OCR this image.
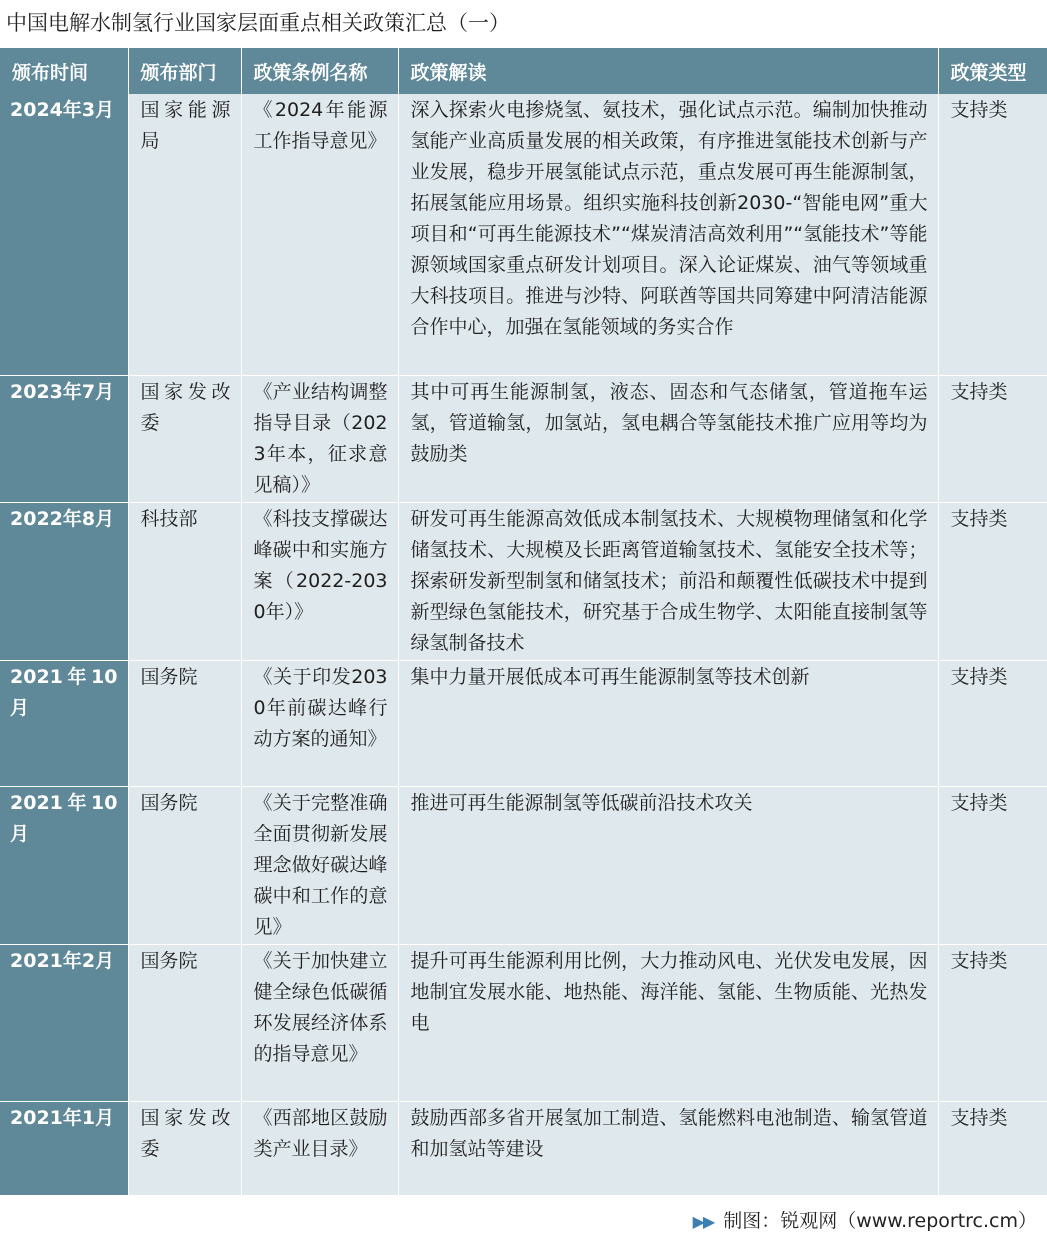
中国电解水制氢行业国家层面重点相关政策汇总（一）
颁布时间	颁布部门	政策条例名称	政策解读	政策类型
2024年3月	国家能源局	《2024年能源工作指导意见》	深入探索火电掺烧氢、氨技术，强化试点示范。编制加快推动氢能产业高质量发展的相关政策，有序推进氢能技术创新与产业发展，稳步开展氢能试点示范，重点发展可再生能源制氢，拓展氢能应用场景。组织实施科技创新2030-“智能电网”重大项目和“可再生能源技术”“煤炭清洁高效利用”“氢能技术”等能源领域国家重点研发计划项目。深入论证煤炭、油气等领域重大科技项目。推进与沙特、阿联酋等国共同筹建中阿清洁能源合作中心，加强在氢能领域的务实合作	支持类
2023年7月	国家发改委	《产业结构调整指导目录（2023年本，征求意见稿）》	其中可再生能源制氢，液态、固态和气态储氢，管道拖车运氢，管道输氢，加氢站，氢电耦合等氢能技术推广应用等均为鼓励类	支持类
2022年8月	科技部	《科技支撑碳达峰碳中和实施方案（2022-2030年）》	研发可再生能源高效低成本制氢技术、大规模物理储氢和化学储氢技术、大规模及长距离管道输氢技术、氢能安全技术等；探索研发新型制氢和储氢技术；前沿和颠覆性低碳技术中提到新型绿色氢能技术，研究基于合成生物学、太阳能直接制氢等绿氢制备技术	支持类
2021年10月	国务院	《关于印发2030年前碳达峰行动方案的通知》	集中力量开展低成本可再生能源制氢等技术创新	支持类
2021年10月	国务院	《关于完整准确全面贯彻新发展理念做好碳达峰碳中和工作的意见》	推进可再生能源制氢等低碳前沿技术攻关	支持类
2021年2月	国务院	《关于加快建立健全绿色低碳循环发展经济体系的指导意见》	提升可再生能源利用比例，大力推动风电、光伏发电发展，因地制宜发展水能、地热能、海洋能、氢能、生物质能、光热发电	支持类
2021年1月	国家发改委	《西部地区鼓励类产业目录》	鼓励西部多省开展氢加工制造、氢能燃料电池制造、输氢管道和加氢站等建设	支持类
▶▶ 制图：锐观网（www.reportrc.cm）
